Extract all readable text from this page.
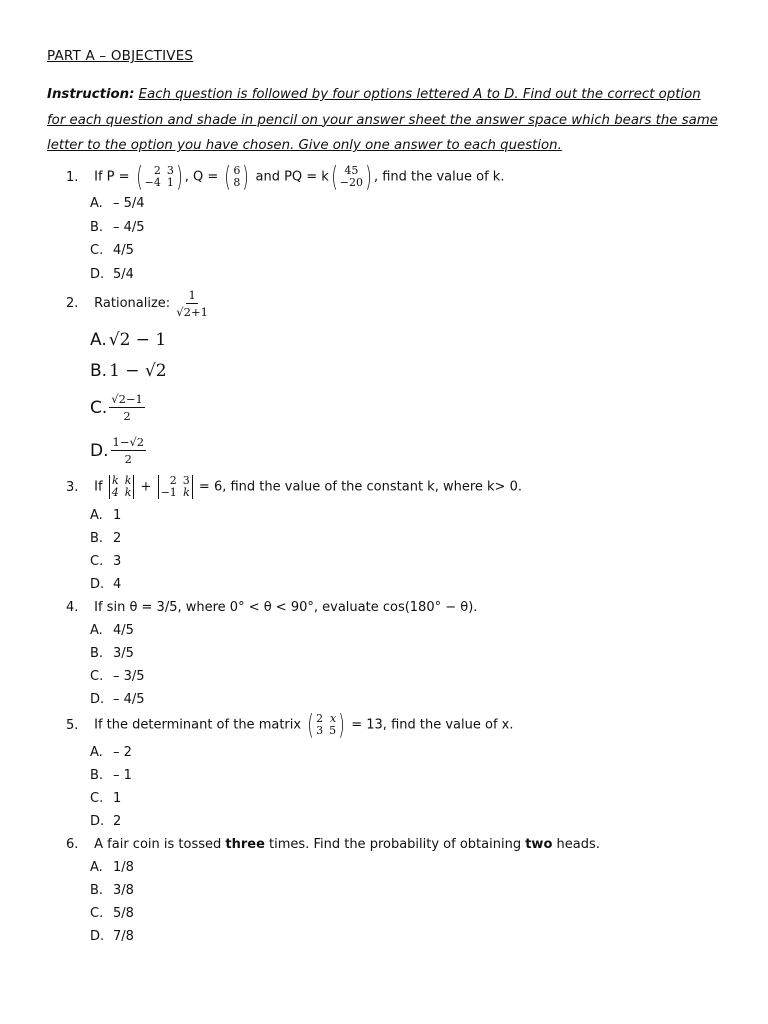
PART A – OBJECTIVES
Instruction: Each question is followed by four options lettered A to D. Find out the correct option for each question and shade in pencil on your answer sheet the answer space which bears the same letter to the option you have chosen. Give only one answer to each question.
1. If P = (	2 3
−4 1 ) , Q = ( 6
8 ) and PQ = k ( 45
−20 ) , find the value of k.
A. – 5/4
B. – 4/5
C. 4/5
D. 5/4
2. Rationalize: $\frac{1}{√2+1}$
A. √2 − 1
B. 1 − √2
C. $\frac{√2-1}{2}$
D. $\frac{1-√2}{2}$
3. If k k
4 k +	2 3
−1 k = 6, find the value of the constant k, where k> 0.
A. 1
B. 2
C. 3
D. 4
4. If sin θ = 3/5, where 0° < θ < 90°, evaluate cos(180° − θ).
A. 4/5
B. 3/5
C. – 3/5
D. – 4/5
5. If the determinant of the matrix ( 2 x
3 5 ) = 13, find the value of x.
A. – 2
B. – 1
C. 1
D. 2
6. A fair coin is tossed three times. Find the probability of obtaining two heads.
A. 1/8
B. 3/8
C. 5/8
D. 7/8
